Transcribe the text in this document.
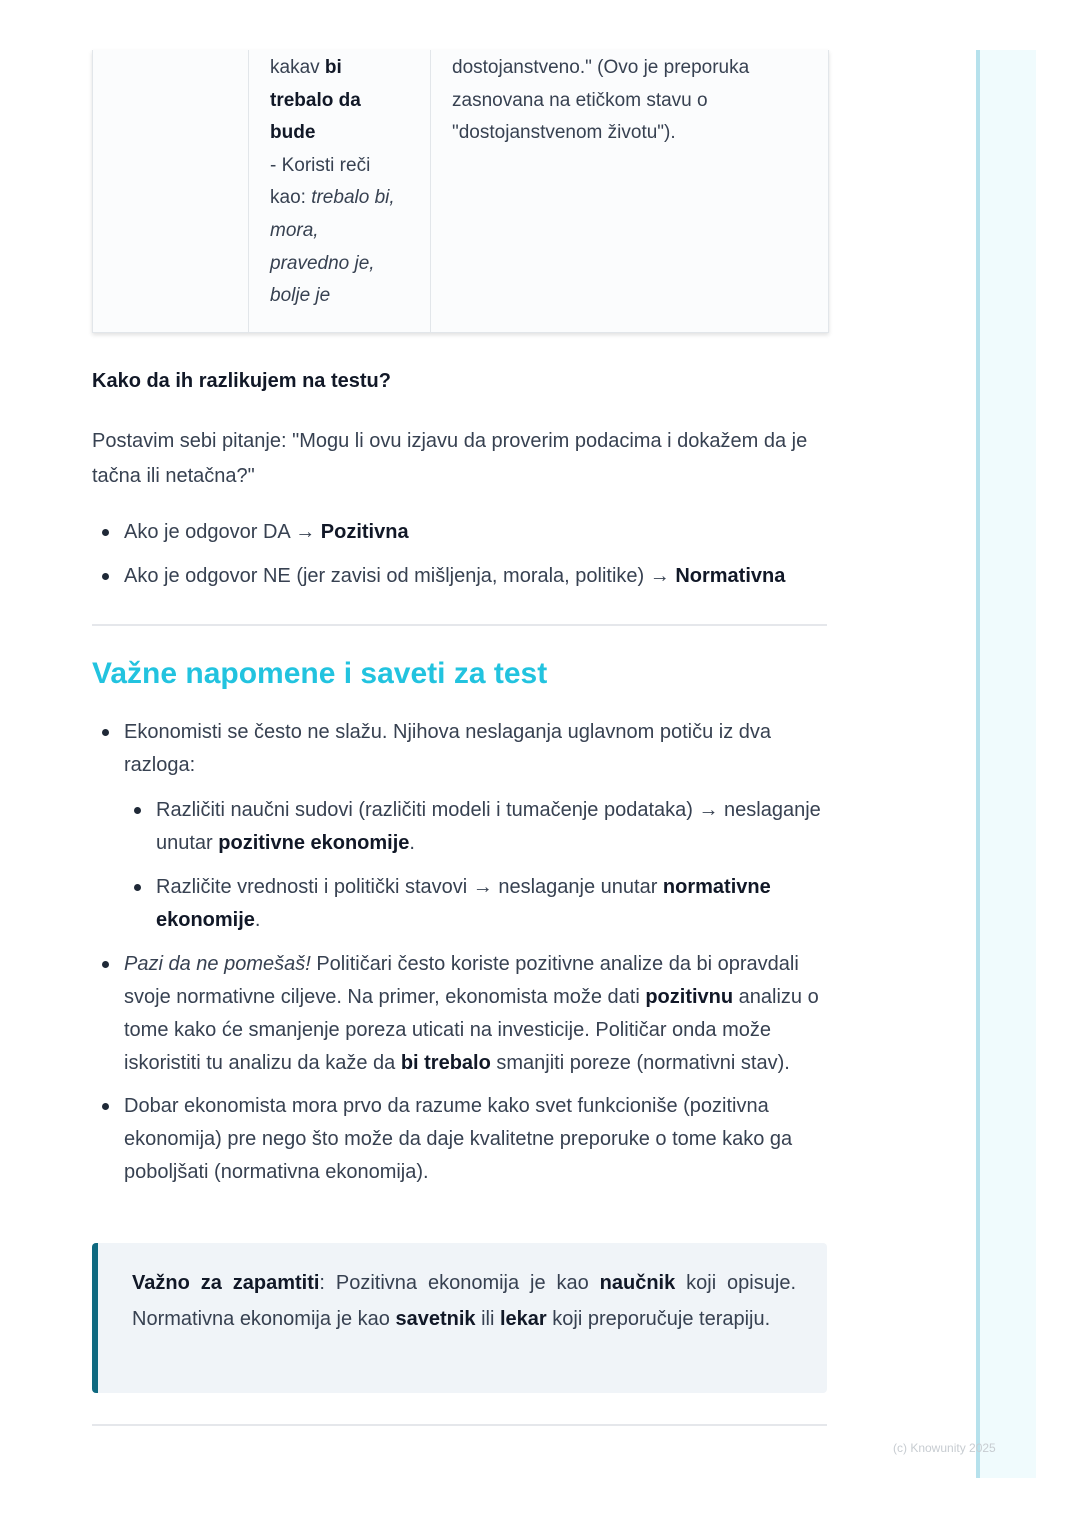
kakav bi
trebalo da
bude
- Koristi reči
kao: trebalo bi,
mora,
pravedno je,
bolje je
dostojanstveno." (Ovo je preporuka
zasnovana na etičkom stavu o
"dostojanstvenom životu").
Kako da ih razlikujem na testu?
Postavim sebi pitanje: "Mogu li ovu izjavu da proverim podacima i dokažem da je tačna ili netačna?"
Ako je odgovor DA → Pozitivna
Ako je odgovor NE (jer zavisi od mišljenja, morala, politike) → Normativna
Važne napomene i saveti za test
Ekonomisti se često ne slažu. Njihova neslaganja uglavnom potiču iz dva razloga:
Različiti naučni sudovi (različiti modeli i tumačenje podataka) → neslaganje unutar pozitivne ekonomije.
Različite vrednosti i politički stavovi → neslaganje unutar normativne ekonomije.
Pazi da ne pomešaš! Političari često koriste pozitivne analize da bi opravdali svoje normativne ciljeve. Na primer, ekonomista može dati pozitivnu analizu o tome kako će smanjenje poreza uticati na investicije. Političar onda može iskoristiti tu analizu da kaže da bi trebalo smanjiti poreze (normativni stav).
Dobar ekonomista mora prvo da razume kako svet funkcioniše (pozitivna ekonomija) pre nego što može da daje kvalitetne preporuke o tome kako ga poboljšati (normativna ekonomija).
Važno za zapamtiti: Pozitivna ekonomija je kao naučnik koji opisuje. Normativna ekonomija je kao savetnik ili lekar koji preporučuje terapiju.
(c) Knowunity 2025
